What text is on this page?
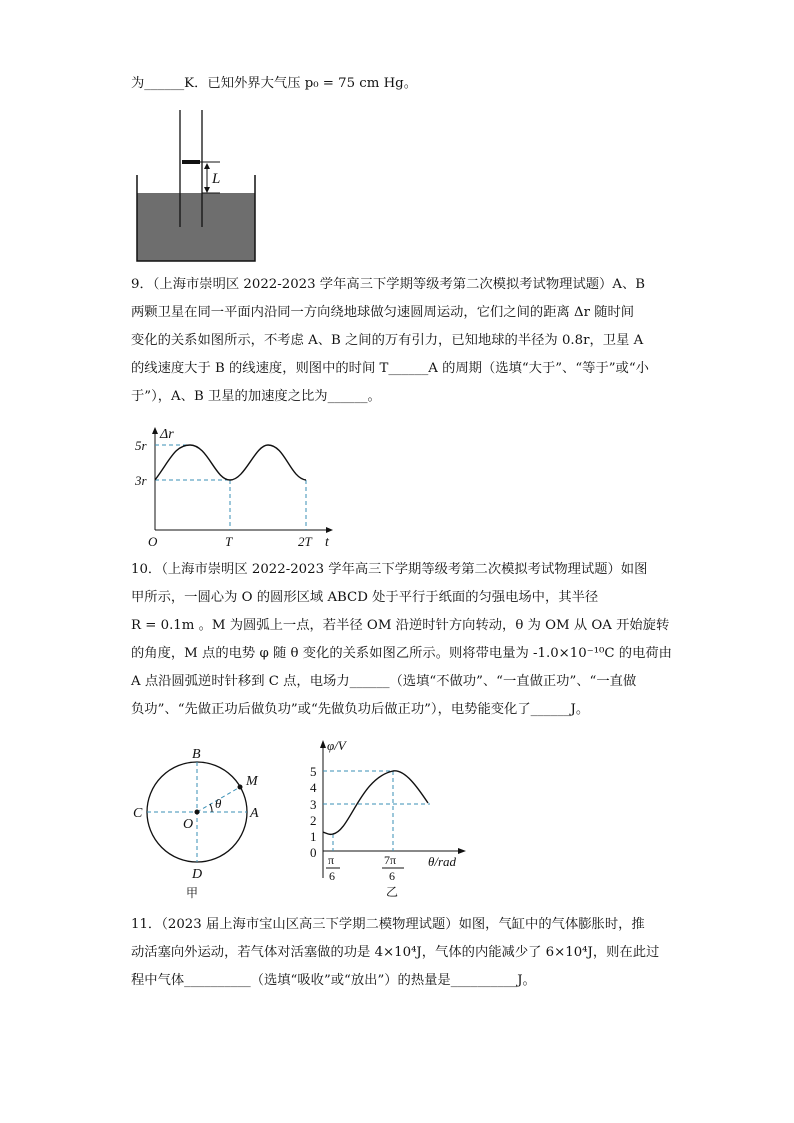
为______K．已知外界大气压 p₀ = 75 cm Hg。
L
9．（上海市崇明区 2022-2023 学年高三下学期等级考第二次模拟考试物理试题）A、B
两颗卫星在同一平面内沿同一方向绕地球做匀速圆周运动，它们之间的距离 Δr 随时间
变化的关系如图所示，不考虑 A、B 之间的万有引力，已知地球的半径为 0.8r，卫星 A
的线速度大于 B 的线速度，则图中的时间 T______A 的周期（选填“大于”、“等于”或“小
于”），A、B 卫星的加速度之比为______。
Δr
5r
3r
O	T	2T t
10．（上海市崇明区 2022-2023 学年高三下学期等级考第二次模拟考试物理试题）如图
甲所示，一圆心为 O 的圆形区域 ABCD 处于平行于纸面的匀强电场中，其半径
R = 0.1m 。M 为圆弧上一点，若半径 OM 沿逆时针方向转动，θ 为 OM 从 OA 开始旋转
的角度，M 点的电势 φ 随 θ 变化的关系如图乙所示。则将带电量为 -1.0×10⁻¹⁰C 的电荷由
A 点沿圆弧逆时针移到 C 点，电场力______（选填“不做功”、“一直做正功”、“一直做
负功”、“先做正功后做负功”或“先做负功后做正功”），电势能变化了______J。
B
M
C
O
A
D
θ
甲
φ/V
5
4
3
2
1
0 π
6
7π
6
θ/rad
乙
11．（2023 届上海市宝山区高三下学期二模物理试题）如图，气缸中的气体膨胀时，推
动活塞向外运动，若气体对活塞做的功是 4×10⁴J，气体的内能减少了 6×10⁴J，则在此过
程中气体__________（选填“吸收”或“放出”）的热量是__________J。
